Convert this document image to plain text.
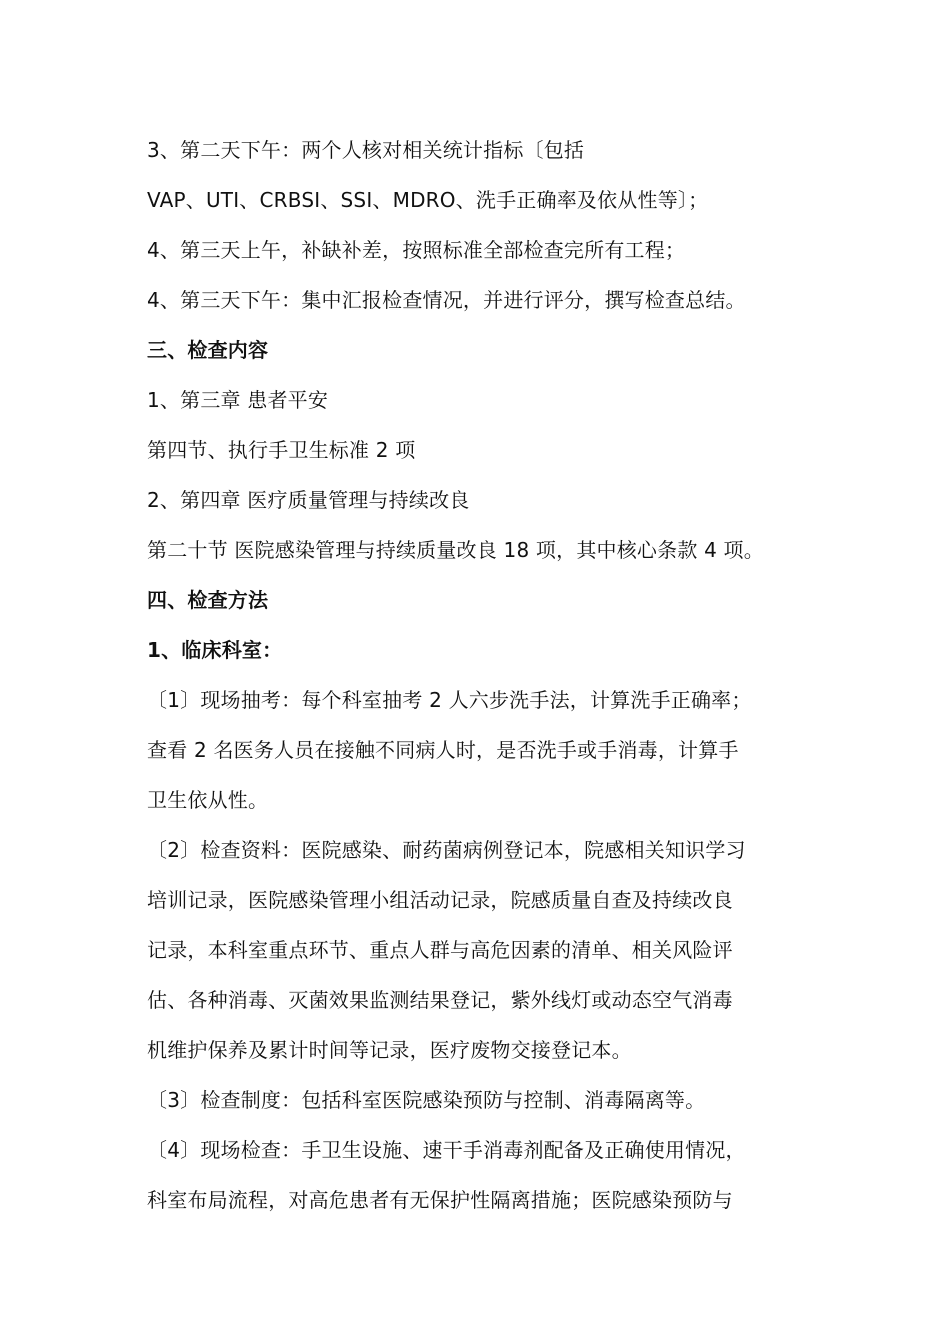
3、第二天下午：两个人核对相关统计指标〔包括
VAP、UTI、CRBSI、SSI、MDRO、洗手正确率及依从性等〕；
4、第三天上午，补缺补差，按照标准全部检查完所有工程；
4、第三天下午：集中汇报检查情况，并进行评分，撰写检查总结。
三、检查内容
1、第三章 患者平安
第四节、执行手卫生标准 2 项
2、第四章 医疗质量管理与持续改良
第二十节 医院感染管理与持续质量改良 18 项，其中核心条款 4 项。
四、检查方法
1、临床科室：
〔1〕现场抽考：每个科室抽考 2 人六步洗手法，计算洗手正确率；
查看 2 名医务人员在接触不同病人时，是否洗手或手消毒，计算手
卫生依从性。
〔2〕检查资料：医院感染、耐药菌病例登记本，院感相关知识学习
培训记录，医院感染管理小组活动记录，院感质量自查及持续改良
记录，本科室重点环节、重点人群与高危因素的清单、相关风险评
估、各种消毒、灭菌效果监测结果登记，紫外线灯或动态空气消毒
机维护保养及累计时间等记录，医疗废物交接登记本。
〔3〕检查制度：包括科室医院感染预防与控制、消毒隔离等。
〔4〕现场检查：手卫生设施、速干手消毒剂配备及正确使用情况，
科室布局流程，对高危患者有无保护性隔离措施；医院感染预防与
